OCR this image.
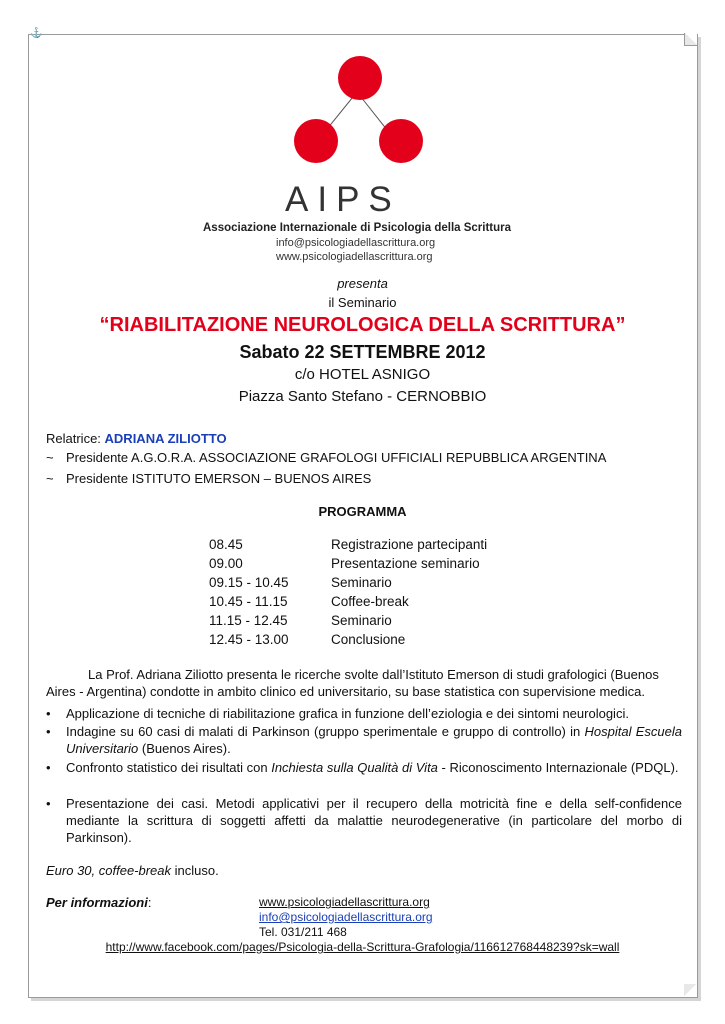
⚓
AIPS
Associazione Internazionale di Psicologia della Scrittura
info@psicologiadellascrittura.org
www.psicologiadellascrittura.org
presenta
il Seminario
“RIABILITAZIONE NEUROLOGICA DELLA SCRITTURA”
Sabato 22 SETTEMBRE 2012
c/o HOTEL ASNIGO
Piazza Santo Stefano - CERNOBBIO
Relatrice: ADRIANA ZILIOTTO
~ Presidente A.G.O.R.A. ASSOCIAZIONE GRAFOLOGI UFFICIALI REPUBBLICA ARGENTINA
~ Presidente ISTITUTO EMERSON – BUENOS AIRES
PROGRAMMA
08.45	Registrazione partecipanti
09.00	Presentazione seminario
09.15 - 10.45	Seminario
10.45 - 11.15	Coffee-break
11.15 - 12.45	Seminario
12.45 - 13.00	Conclusione
La Prof. Adriana Ziliotto presenta le ricerche svolte dall’Istituto Emerson di studi grafologici (Buenos Aires - Argentina) condotte in ambito clinico ed universitario, su base statistica con supervisione medica.
• Applicazione di tecniche di riabilitazione grafica in funzione dell’eziologia e dei sintomi neurologici.
• Indagine su 60 casi di malati di Parkinson (gruppo sperimentale e gruppo di controllo) in Hospital Escuela Universitario (Buenos Aires).
• Confronto statistico dei risultati con Inchiesta sulla Qualità di Vita - Riconoscimento Internazionale (PDQL).
• Presentazione dei casi. Metodi applicativi per il recupero della motricità fine e della self-confidence mediante la scrittura di soggetti affetti da malattie neurodegenerative (in particolare del morbo di Parkinson).
Euro 30, coffee-break incluso.
Per informazioni:	www.psicologiadellascrittura.org
info@psicologiadellascrittura.org
Tel. 031/211 468
http://www.facebook.com/pages/Psicologia-della-Scrittura-Grafologia/116612768448239?sk=wall
